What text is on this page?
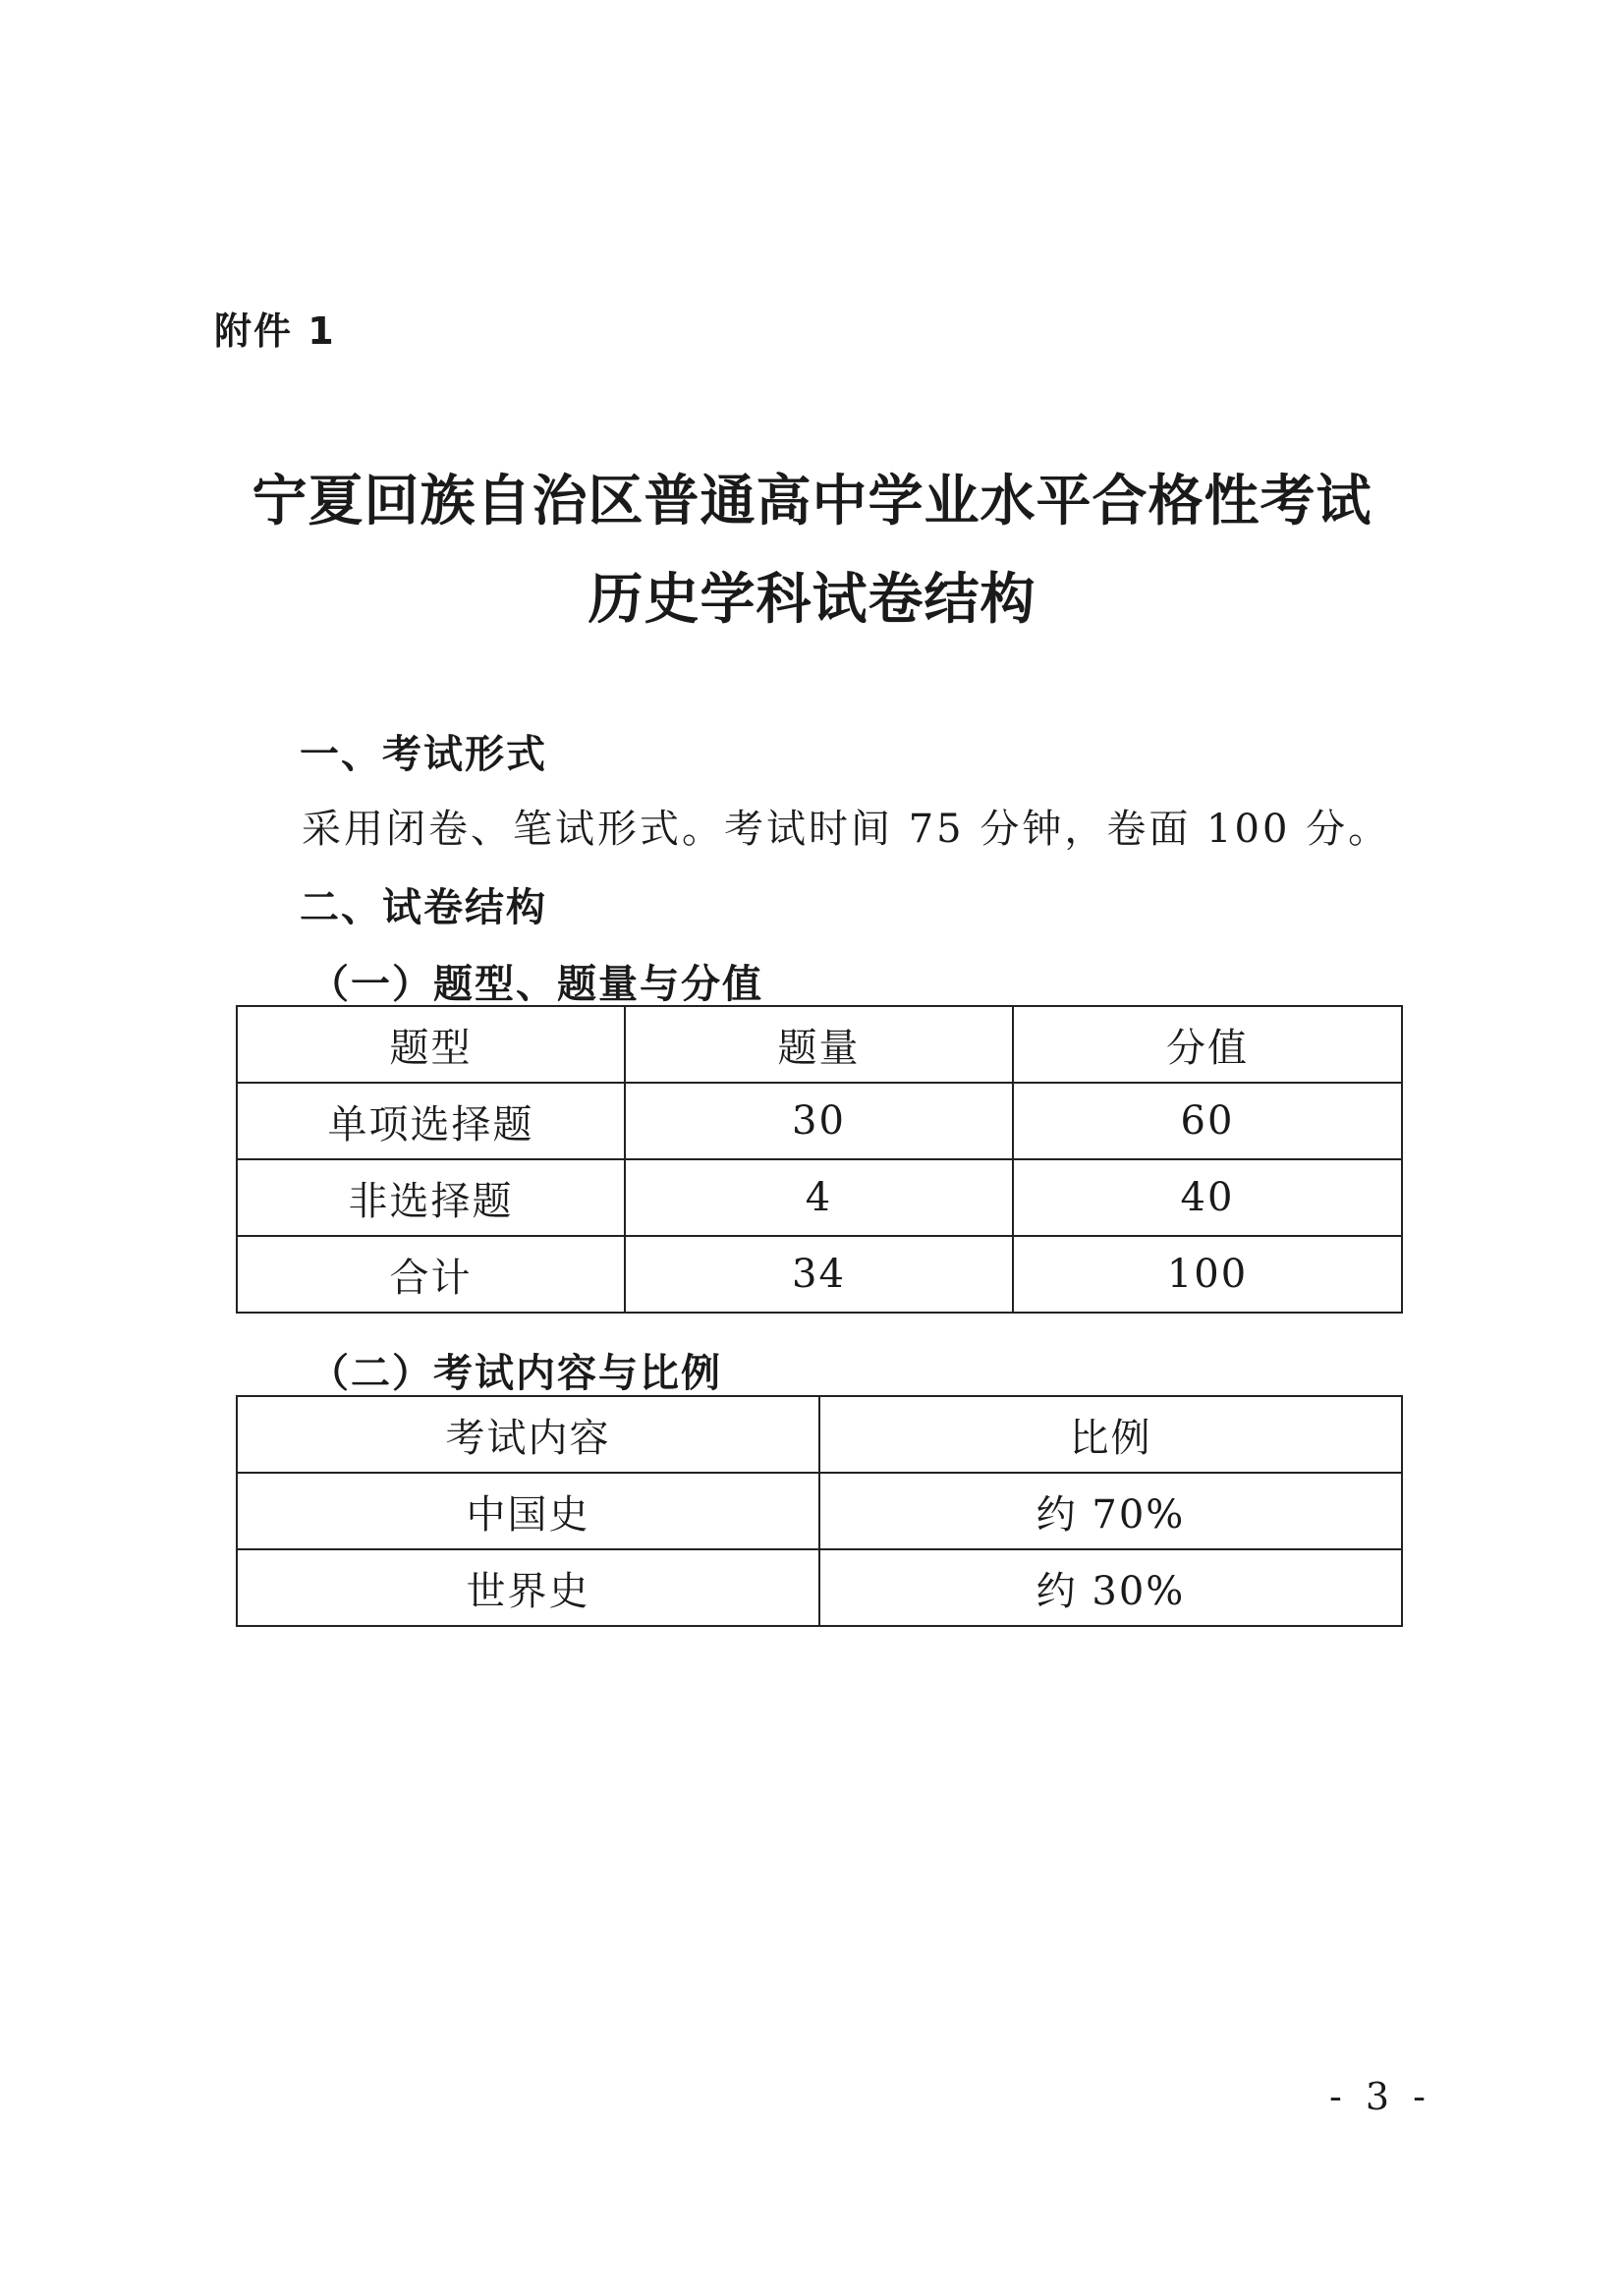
附件 1
宁夏回族自治区普通高中学业水平合格性考试
历史学科试卷结构
一、考试形式
采用闭卷、笔试形式。考试时间 75 分钟，卷面 100 分。
二、试卷结构
（一）题型、题量与分值
题型	题量	分值
单项选择题	30	60
非选择题	4	40
合计	34	100
（二）考试内容与比例
考试内容	比例
中国史	约 70%
世界史	约 30%
- 3 -
